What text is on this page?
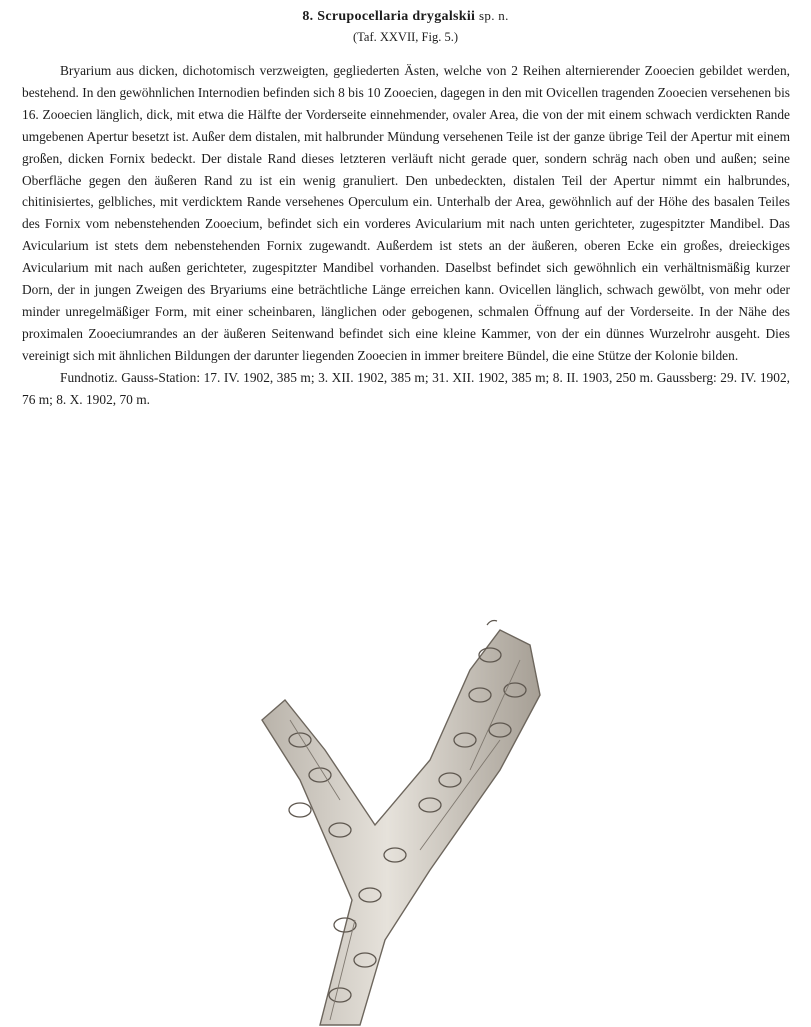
8. Scrupocellaria drygalskii sp. n.
(Taf. XXVII, Fig. 5.)

Bryarium aus dicken, dichotomisch verzweigten, gegliederten Ästen, welche von 2 Reihen alternierender Zooecien gebildet werden, bestehend. In den gewöhnlichen Internodien befinden sich 8 bis 10 Zooecien, dagegen in den mit Ovicellen tragenden Zooecien versehenen bis 16. Zooecien länglich, dick, mit etwa die Hälfte der Vorderseite einnehmender, ovaler Area, die von der mit einem schwach verdickten Rande umgebenen Apertur besetzt ist. Außer dem distalen, mit halbrunder Mündung versehenen Teile ist der ganze übrige Teil der Apertur mit einem großen, dicken Fornix bedeckt. Der distale Rand dieses letzteren verläuft nicht gerade quer, sondern schräg nach oben und außen; seine Oberfläche gegen den äußeren Rand zu ist ein wenig granuliert. Den unbedeckten, distalen Teil der Apertur nimmt ein halbrundes, chitinisiertes, gelbliches, mit verdicktem Rande versehenes Operculum ein. Unterhalb der Area, gewöhnlich auf der Höhe des basalen Teiles des Fornix vom nebenstehenden Zooecium, befindet sich ein vorderes Avicularium mit nach unten gerichteter, zugespitzter Mandibel. Das Avicularium ist stets dem nebenstehenden Fornix zugewandt. Außerdem ist stets an der äußeren, oberen Ecke ein großes, dreieckiges Avicularium mit nach außen gerichteter, zugespitzter Mandibel vorhanden. Daselbst befindet sich gewöhnlich ein verhältnismäßig kurzer Dorn, der in jungen Zweigen des Bryariums eine beträchtliche Länge erreichen kann. Ovicellen länglich, schwach gewölbt, von mehr oder minder unregelmäßiger Form, mit einer scheinbaren, länglichen oder gebogenen, schmalen Öffnung auf der Vorderseite. In der Nähe des proximalen Zooeciumrandes an der äußeren Seitenwand befindet sich eine kleine Kammer, von der ein dünnes Wurzelrohr ausgeht. Dies vereinigt sich mit ähnlichen Bildungen der darunter liegenden Zooecien in immer breitere Bündel, die eine Stütze der Kolonie bilden.

Fundnotiz. Gauss-Station: 17. IV. 1902, 385 m; 3. XII. 1902, 385 m; 31. XII. 1902, 385 m; 8. II. 1903, 250 m. Gaussberg: 29. IV. 1902, 76 m; 8. X. 1902, 70 m.
